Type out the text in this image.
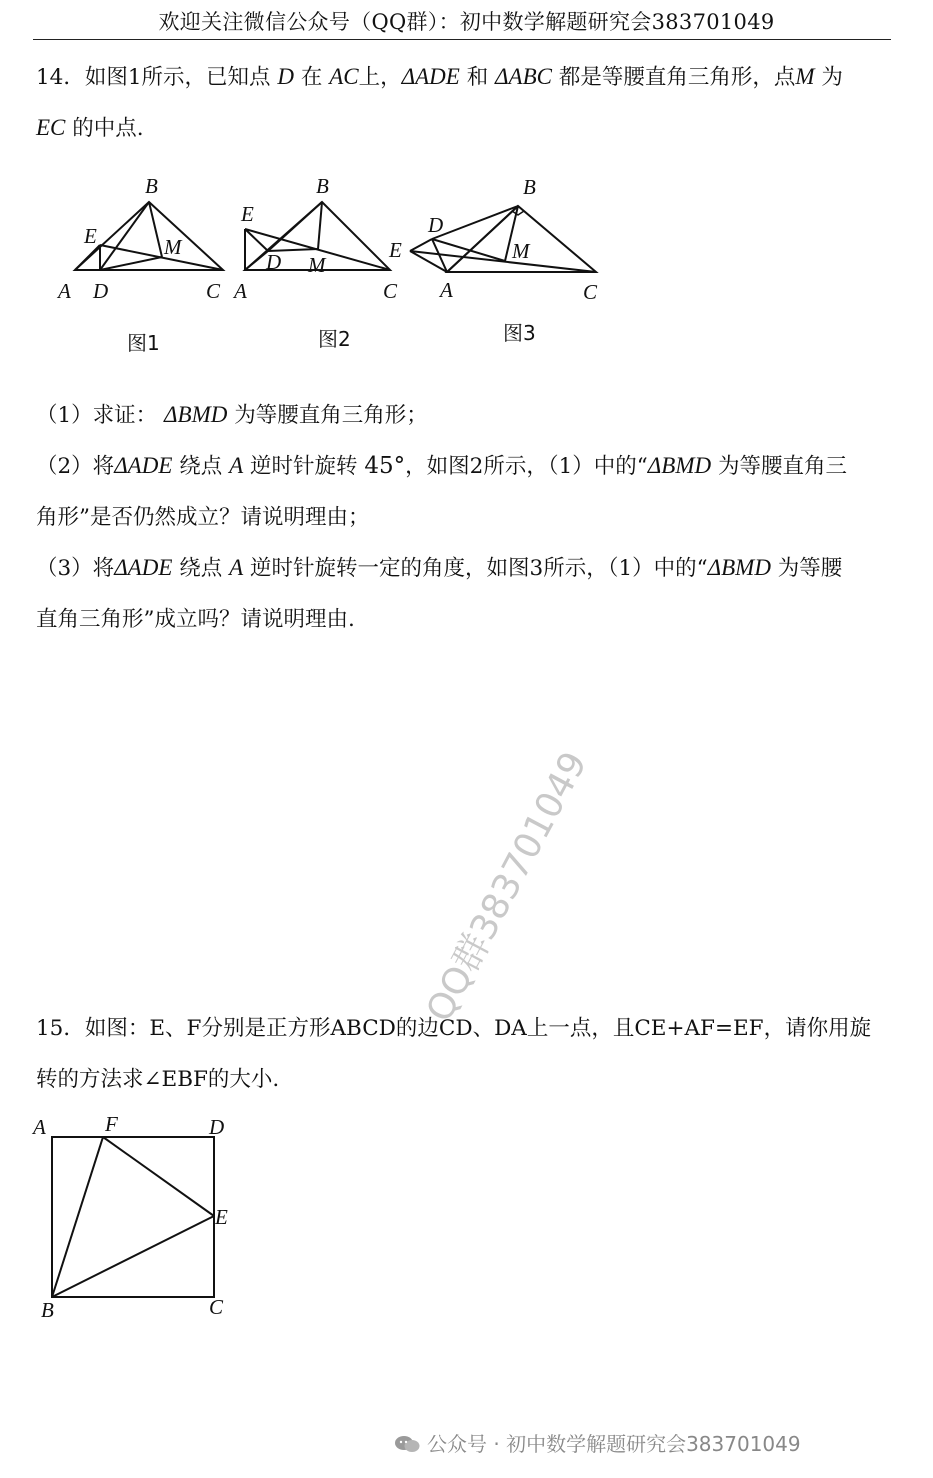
欢迎关注微信公众号（QQ群）：初中数学解题研究会383701049
14．如图1所示，已知点 D 在 AC上，ΔADE 和 ΔABC 都是等腰直角三角形，点M 为
EC 的中点.
B
E	M
A D	C
B
E
D M
A	C
B
D
E	M
A	C
图1	图2	图3
（1）求证： ΔBMD 为等腰直角三角形；
（2）将ΔADE 绕点 A 逆时针旋转 45°，如图2所示，（1）中的“ΔBMD 为等腰直角三
角形”是否仍然成立？请说明理由；
（3）将ΔADE 绕点 A 逆时针旋转一定的角度，如图3所示，（1）中的“ΔBMD 为等腰
直角三角形”成立吗？请说明理由.
QQ群383701049
15．如图：E、F分别是正方形ABCD的边CD、DA上一点，且CE+AF=EF，请你用旋
转的方法求∠EBF的大小.
A	F	D
E
B	C
公众号 · 初中数学解题研究会383701049
